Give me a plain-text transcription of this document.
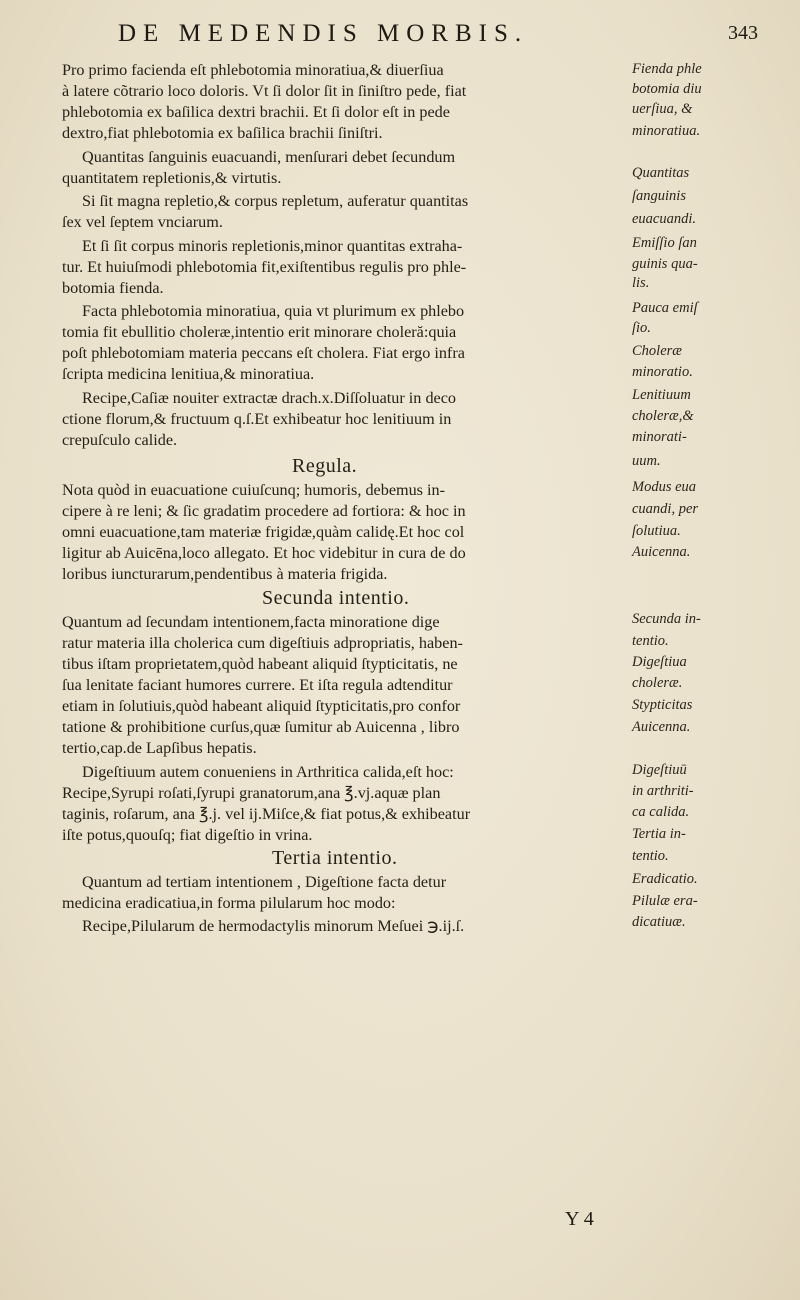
DE MEDENDIS MORBIS.	343
Pro primo facienda eſt phlebotomia minoratiua,& diuerſiua
à latere cõtrario loco doloris. Vt ſi dolor ſit in ſiniſtro pede, fiat
phlebotomia ex baſilica dextri brachii. Et ſi dolor eſt in pede
dextro,fiat phlebotomia ex baſilica brachii ſiniſtri.
Quantitas ſanguinis euacuandi, menſurari debet ſecundum
quantitatem repletionis,& virtutis.
Si ſit magna repletio,& corpus repletum, auferatur quantitas
ſex vel ſeptem vnciarum.
Et ſi ſit corpus minoris repletionis,minor quantitas extraha-
tur. Et huiuſmodi phlebotomia fit,exiſtentibus regulis pro phle-
botomia fienda.
Facta phlebotomia minoratiua, quia vt plurimum ex phlebo
tomia fit ebullitio choleræ,intentio erit minorare choleră:quia
poſt phlebotomiam materia peccans eſt cholera. Fiat ergo infra
ſcripta medicina lenitiua,& minoratiua.
Recipe,Caſiæ nouiter extractæ drach.x.Diſſoluatur in deco
ctione florum,& fructuum q.ſ.Et exhibeatur hoc lenitiuum in
crepuſculo calide.
Regula.
Nota quòd in euacuatione cuiuſcunq; humoris, debemus in-
cipere à re leni; & ſic gradatim procedere ad fortiora: & hoc in
omni euacuatione,tam materiæ frigidæ,quàm calidę.Et hoc col
ligitur ab Auicēna,loco allegato. Et hoc videbitur in cura de do
loribus iuncturarum,pendentibus à materia frigida.
Secunda intentio.
Quantum ad ſecundam intentionem,facta minoratione dige
ratur materia illa cholerica cum digeſtiuis adpropriatis, haben-
tibus iſtam proprietatem,quòd habeant aliquid ſtypticitatis, ne
ſua lenitate faciant humores currere. Et iſta regula adtenditur
etiam in ſolutiuis,quòd habeant aliquid ſtypticitatis,pro confor
tatione & prohibitione curſus,quæ ſumitur ab Auicenna , libro
tertio,cap.de Lapſibus hepatis.
Digeſtiuum autem conueniens in Arthritica calida,eſt hoc:
Recipe,Syrupi roſati,ſyrupi granatorum,ana ℥.vj.aquæ plan
taginis, roſarum, ana ℥.j. vel ij.Miſce,& fiat potus,& exhibeatur
iſte potus,quouſq; fiat digeſtio in vrina.
Tertia intentio.
Quantum ad tertiam intentionem , Digeſtione facta detur
medicina eradicatiua,in forma pilularum hoc modo:
Recipe,Pilularum de hermodactylis minorum Meſuei ℈.ij.ſ.
Fienda phle
botomia diu
uerſiua, &
minoratiua.
Quantitas
ſanguinis
euacuandi.
Emiſſio ſan
guinis qua-
lis.
Pauca emiſ
ſio.
Choleræ
minoratio.
Lenitiuum
choleræ,&
minorati-
uum.
Modus eua
cuandi, per
ſolutiua.
Auicenna.
Secunda in-
tentio.
Digeſtiua
choleræ.
Stypticitas
Auicenna.
Digeſtiuū
in arthriti-
ca calida.
Tertia in-
tentio.
Eradicatio.
Pilulæ era-
dicatiuæ.
Y 4
